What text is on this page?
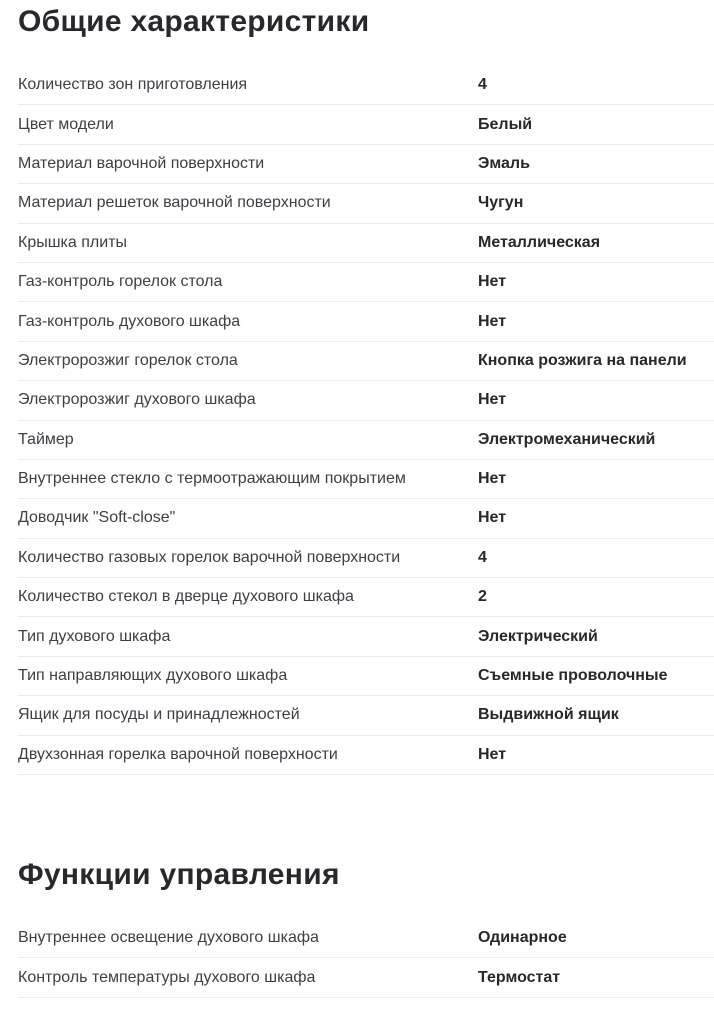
Общие характеристики
Количество зон приготовления	4
Цвет модели	Белый
Материал варочной поверхности	Эмаль
Материал решеток варочной поверхности	Чугун
Крышка плиты	Металлическая
Газ-контроль горелок стола	Нет
Газ-контроль духового шкафа	Нет
Электророзжиг горелок стола	Кнопка розжига на панели
Электророзжиг духового шкафа	Нет
Таймер	Электромеханический
Внутреннее стекло с термоотражающим покрытием	Нет
Доводчик "Soft-close"	Нет
Количество газовых горелок варочной поверхности	4
Количество стекол в дверце духового шкафа	2
Тип духового шкафа	Электрический
Тип направляющих духового шкафа	Съемные проволочные
Ящик для посуды и принадлежностей	Выдвижной ящик
Двухзонная горелка варочной поверхности	Нет
Функции управления
Внутреннее освещение духового шкафа	Одинарное
Контроль температуры духового шкафа	Термостат
